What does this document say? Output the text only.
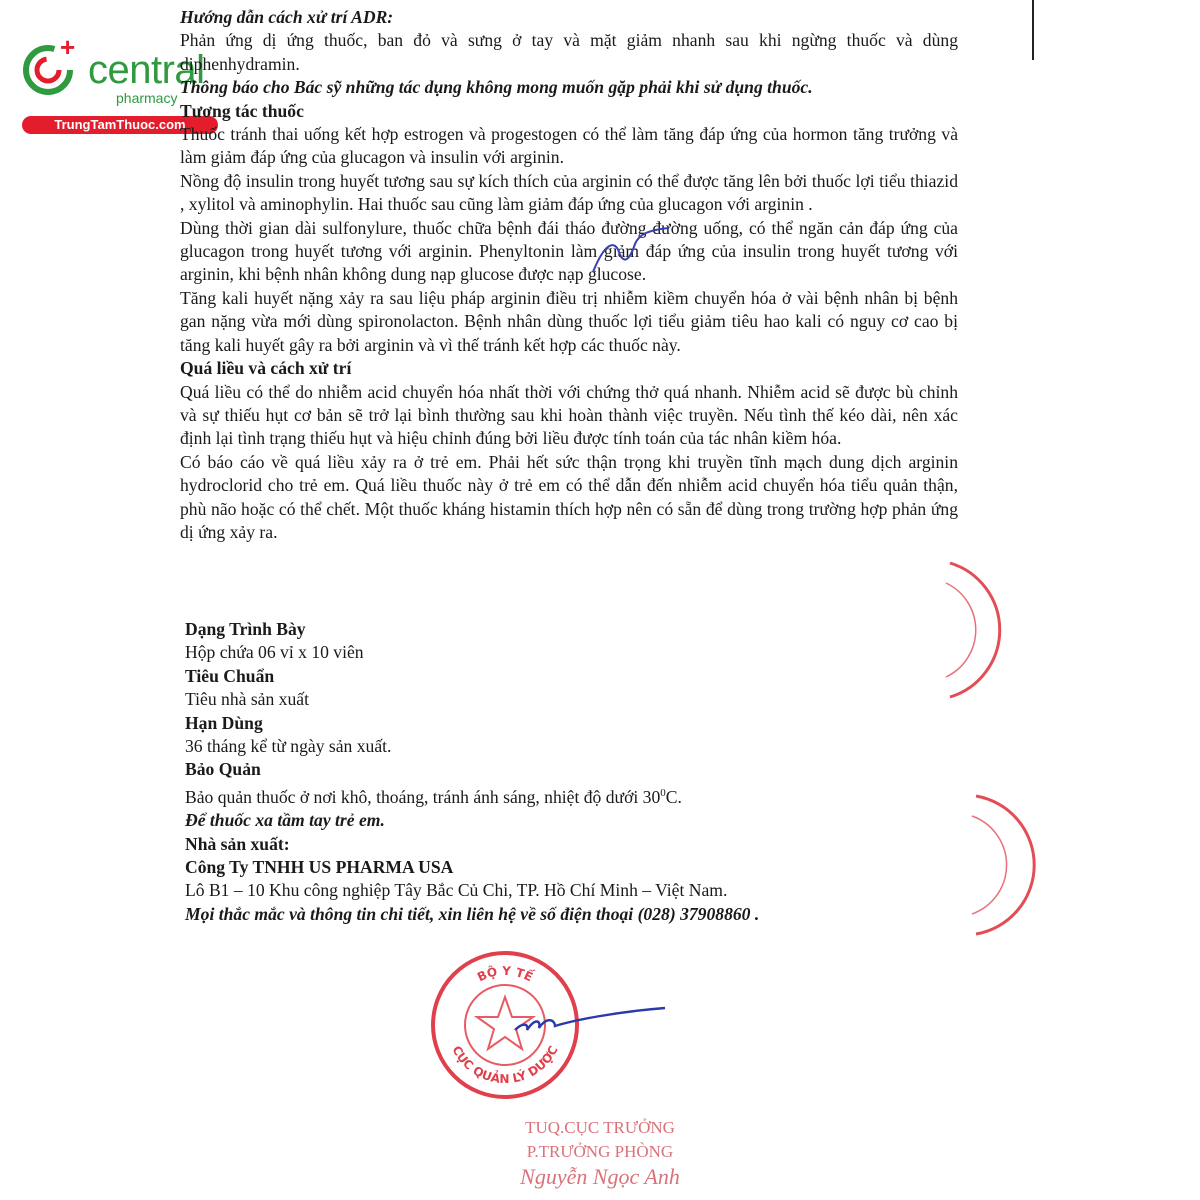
+
central
pharmacy
TrungTamThuoc.com

Hướng dẫn cách xử trí ADR:

Phản ứng dị ứng thuốc, ban đỏ và sưng ở tay và mặt giảm nhanh sau khi ngừng thuốc và dùng diphenhydramin.

Thông báo cho Bác sỹ những tác dụng không mong muốn gặp phải khi sử dụng thuốc.

Tương tác thuốc

Thuốc tránh thai uống kết hợp estrogen và progestogen có thể làm tăng đáp ứng của hormon tăng trưởng và làm giảm đáp ứng của glucagon và insulin với arginin.

Nồng độ insulin trong huyết tương sau sự kích thích của arginin có thể được tăng lên bởi thuốc lợi tiểu thiazid , xylitol và aminophylin. Hai thuốc sau cũng làm giảm đáp ứng của glucagon với arginin .

Dùng thời gian dài sulfonylure, thuốc chữa bệnh đái tháo đường đường uống, có thể ngăn cản đáp ứng của glucagon trong huyết tương với arginin. Phenyltonin làm giảm đáp ứng của insulin trong huyết tương với arginin, khi bệnh nhân không dung nạp glucose được nạp glucose.

Tăng kali huyết nặng xảy ra sau liệu pháp arginin điều trị nhiễm kiềm chuyển hóa ở vài bệnh nhân bị bệnh gan nặng vừa mới dùng spironolacton. Bệnh nhân dùng thuốc lợi tiểu giảm tiêu hao kali có nguy cơ cao bị tăng kali huyết gây ra bởi arginin và vì thế tránh kết hợp các thuốc này.

Quá liều và cách xử trí

Quá liều có thể do nhiễm acid chuyển hóa nhất thời với chứng thở quá nhanh. Nhiễm acid sẽ được bù chỉnh và sự thiếu hụt cơ bản sẽ trở lại bình thường sau khi hoàn thành việc truyền. Nếu tình thế kéo dài, nên xác định lại tình trạng thiếu hụt và hiệu chỉnh đúng bởi liều được tính toán của tác nhân kiềm hóa.

Có báo cáo về quá liều xảy ra ở trẻ em. Phải hết sức thận trọng khi truyền tĩnh mạch dung dịch arginin hydroclorid cho trẻ em. Quá liều thuốc này ở trẻ em có thể dẫn đến nhiễm acid chuyển hóa tiểu quản thận, phù não hoặc có thể chết. Một thuốc kháng histamin thích hợp nên có sẵn để dùng trong trường hợp phản ứng dị ứng xảy ra.

Dạng Trình Bày

Hộp chứa 06 vỉ x 10 viên

Tiêu Chuẩn

Tiêu nhà sản xuất

Hạn Dùng

36 tháng kể từ ngày sản xuất.

Bảo Quản

Bảo quản thuốc ở nơi khô, thoáng, tránh ánh sáng, nhiệt độ dưới $30^0C$.

Để thuốc xa tầm tay trẻ em.

Nhà sản xuất:

Công Ty TNHH US PHARMA USA

Lô B1 – 10 Khu công nghiệp Tây Bắc Củ Chi, TP. Hồ Chí Minh – Việt Nam.

Mọi thắc mắc và thông tin chi tiết, xin liên hệ về số điện thoại (028) 37908860 .

BỘ Y TẾ
CỤC QUẢN LÝ DƯỢC
TUQ.CỤC TRƯỞNG
P.TRƯỞNG PHÒNG
Nguyễn Ngọc Anh
